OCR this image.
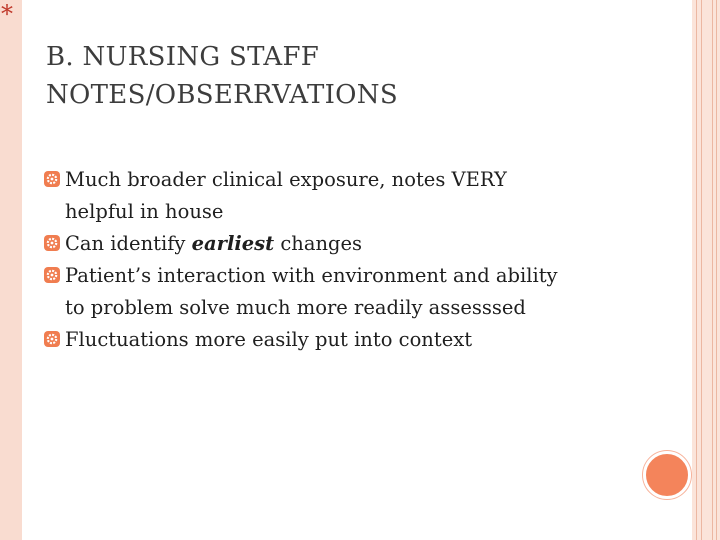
*
B. NURSING STAFF
NOTES/OBSERRVATIONS
Much broader clinical exposure, notes VERY helpful in house
Can identify earliest changes
Patient’s interaction with environment and ability to problem solve much more readily assesssed
Fluctuations more easily put into context
